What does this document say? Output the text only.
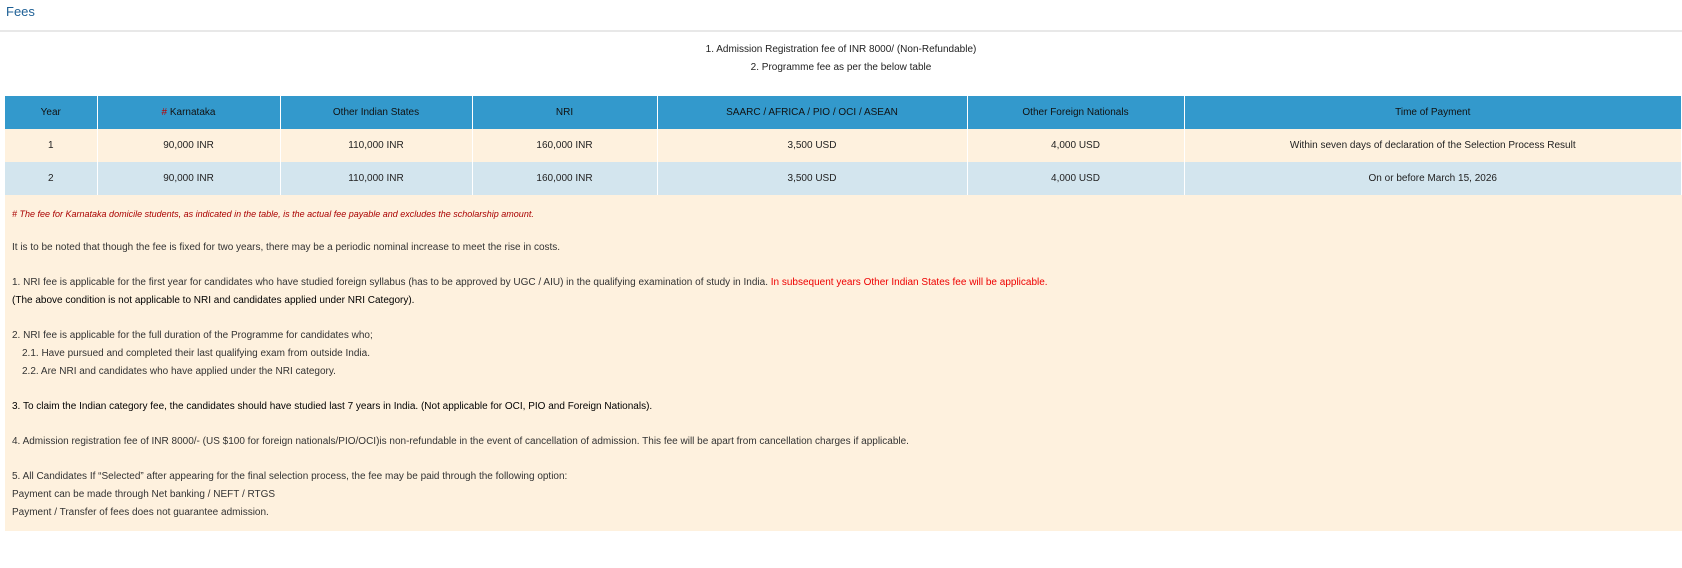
Fees
1. Admission Registration fee of INR 8000/ (Non-Refundable)
2. Programme fee as per the below table
Year	# Karnataka	Other Indian States	NRI	SAARC / AFRICA / PIO / OCI / ASEAN	Other Foreign Nationals	Time of Payment
1	90,000 INR	110,000 INR	160,000 INR	3,500 USD	4,000 USD	Within seven days of declaration of the Selection Process Result
2	90,000 INR	110,000 INR	160,000 INR	3,500 USD	4,000 USD	On or before March 15, 2026

# The fee for Karnataka domicile students, as indicated in the table, is the actual fee payable and excludes the scholarship amount.

It is to be noted that though the fee is fixed for two years, there may be a periodic nominal increase to meet the rise in costs.

1. NRI fee is applicable for the first year for candidates who have studied foreign syllabus (has to be approved by UGC / AIU) in the qualifying examination of study in India. In subsequent years Other Indian States fee will be applicable.

(The above condition is not applicable to NRI and candidates applied under NRI Category).

2. NRI fee is applicable for the full duration of the Programme for candidates who;

2.1. Have pursued and completed their last qualifying exam from outside India.

2.2. Are NRI and candidates who have applied under the NRI category.

3. To claim the Indian category fee, the candidates should have studied last 7 years in India. (Not applicable for OCI, PIO and Foreign Nationals).

4. Admission registration fee of INR 8000/- (US $100 for foreign nationals/PIO/OCI)is non-refundable in the event of cancellation of admission. This fee will be apart from cancellation charges if applicable.

5. All Candidates If “Selected” after appearing for the final selection process, the fee may be paid through the following option:

Payment can be made through Net banking / NEFT / RTGS

Payment / Transfer of fees does not guarantee admission.
